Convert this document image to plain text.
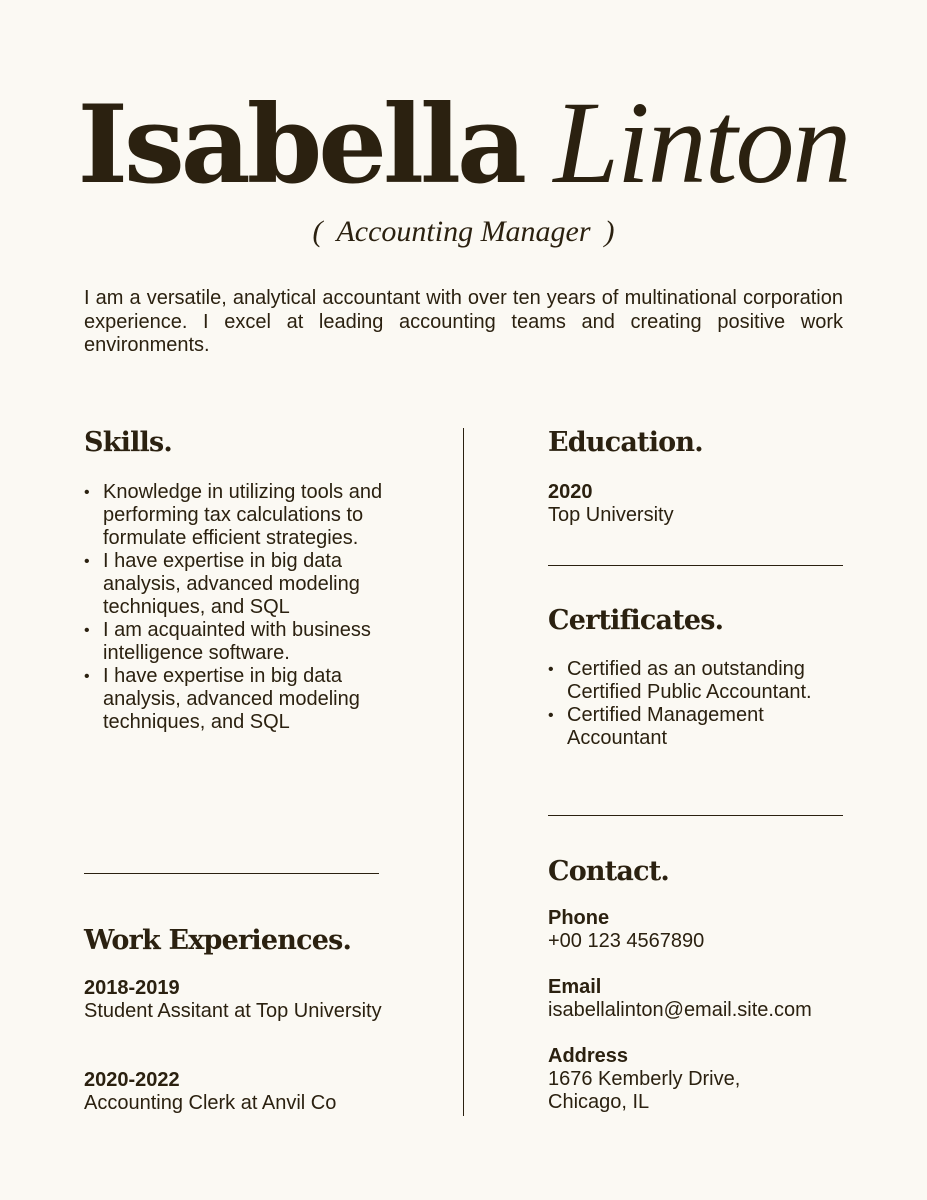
Isabella Linton
( Accounting Manager )
I am a versatile, analytical accountant with over ten years of multinational corporation experience. I excel at leading accounting teams and creating positive work environments.
Skills.
• Knowledge in utilizing tools and performing tax calculations to formulate efficient strategies.
• I have expertise in big data analysis, advanced modeling techniques, and SQL
• I am acquainted with business intelligence software.
• I have expertise in big data analysis, advanced modeling techniques, and SQL
Work Experiences.
2018-2019
Student Assitant at Top University
2020-2022
Accounting Clerk at Anvil Co
Education.
2020
Top University
Certificates.
• Certified as an outstanding Certified Public Accountant.
• Certified Management Accountant
Contact.
Phone
+00 123 4567890
Email
isabellalinton@email.site.com
Address
1676 Kemberly Drive,
Chicago, IL
